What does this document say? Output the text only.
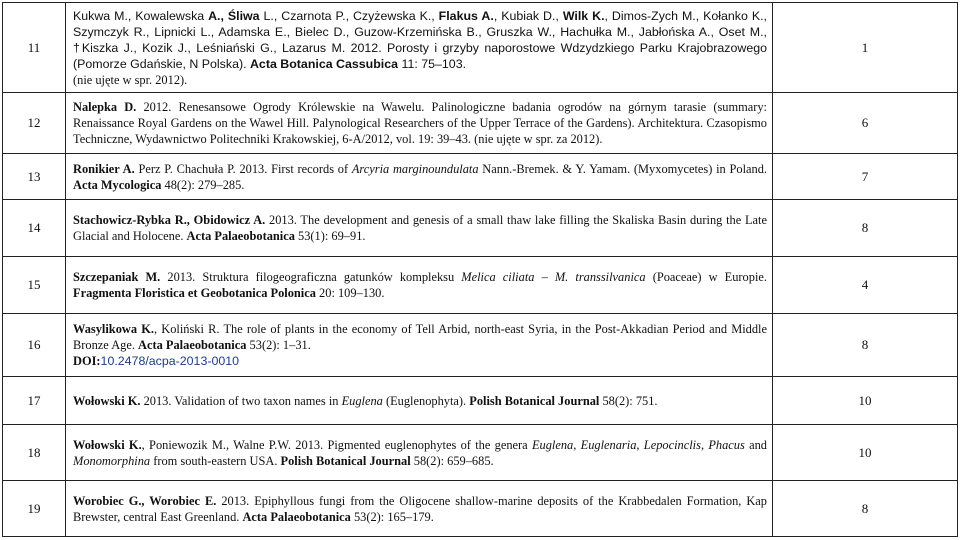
11	Kukwa M., Kowalewska A., Śliwa L., Czarnota P., Czyżewska K., Flakus A., Kubiak D., Wilk K., Dimos-Zych M., Kołanko K., Szymczyk R., Lipnicki L., Adamska E., Bielec D., Guzow-Krzemińska B., Gruszka W., Hachułka M., Jabłońska A., Oset M., †Kiszka J., Kozik J., Leśniański G., Lazarus M. 2012. Porosty i grzyby naporostowe Wdzydzkiego Parku Krajobrazowego (Pomorze Gdańskie, N Polska). Acta Botanica Cassubica 11: 75–103.
(nie ujęte w spr. 2012).	1
12	Nalepka D. 2012. Renesansowe Ogrody Królewskie na Wawelu. Palinologiczne badania ogrodów na górnym tarasie (summary: Renaissance Royal Gardens on the Wawel Hill. Palynological Researchers of the Upper Terrace of the Gardens). Architektura. Czasopismo Techniczne, Wydawnictwo Politechniki Krakowskiej, 6-A/2012, vol. 19: 39–43. (nie ujęte w spr. za 2012).	6
13	Ronikier A. Perz P. Chachuła P. 2013. First records of Arcyria marginoundulata Nann.-Bremek. & Y. Yamam. (Myxomycetes) in Poland. Acta Mycologica 48(2): 279–285.	7
14	Stachowicz-Rybka R., Obidowicz A. 2013. The development and genesis of a small thaw lake filling the Skaliska Basin during the Late Glacial and Holocene. Acta Palaeobotanica 53(1): 69–91.	8
15	Szczepaniak M. 2013. Struktura filogeograficzna gatunków kompleksu Melica ciliata – M. transsilvanica (Poaceae) w Europie. Fragmenta Floristica et Geobotanica Polonica 20: 109–130.	4
16	Wasylikowa K., Koliński R. The role of plants in the economy of Tell Arbid, north-east Syria, in the Post-Akkadian Period and Middle Bronze Age. Acta Palaeobotanica 53(2): 1–31.
DOI:10.2478/acpa-2013-0010	8
17	Wołowski K. 2013. Validation of two taxon names in Euglena (Euglenophyta). Polish Botanical Journal 58(2): 751.	10
18	Wołowski K., Poniewozik M., Walne P.W. 2013. Pigmented euglenophytes of the genera Euglena, Euglenaria, Lepocinclis, Phacus and Monomorphina from south-eastern USA. Polish Botanical Journal 58(2): 659–685.	10
19	Worobiec G., Worobiec E. 2013. Epiphyllous fungi from the Oligocene shallow-marine deposits of the Krabbedalen Formation, Kap Brewster, central East Greenland. Acta Palaeobotanica 53(2): 165–179.	8
